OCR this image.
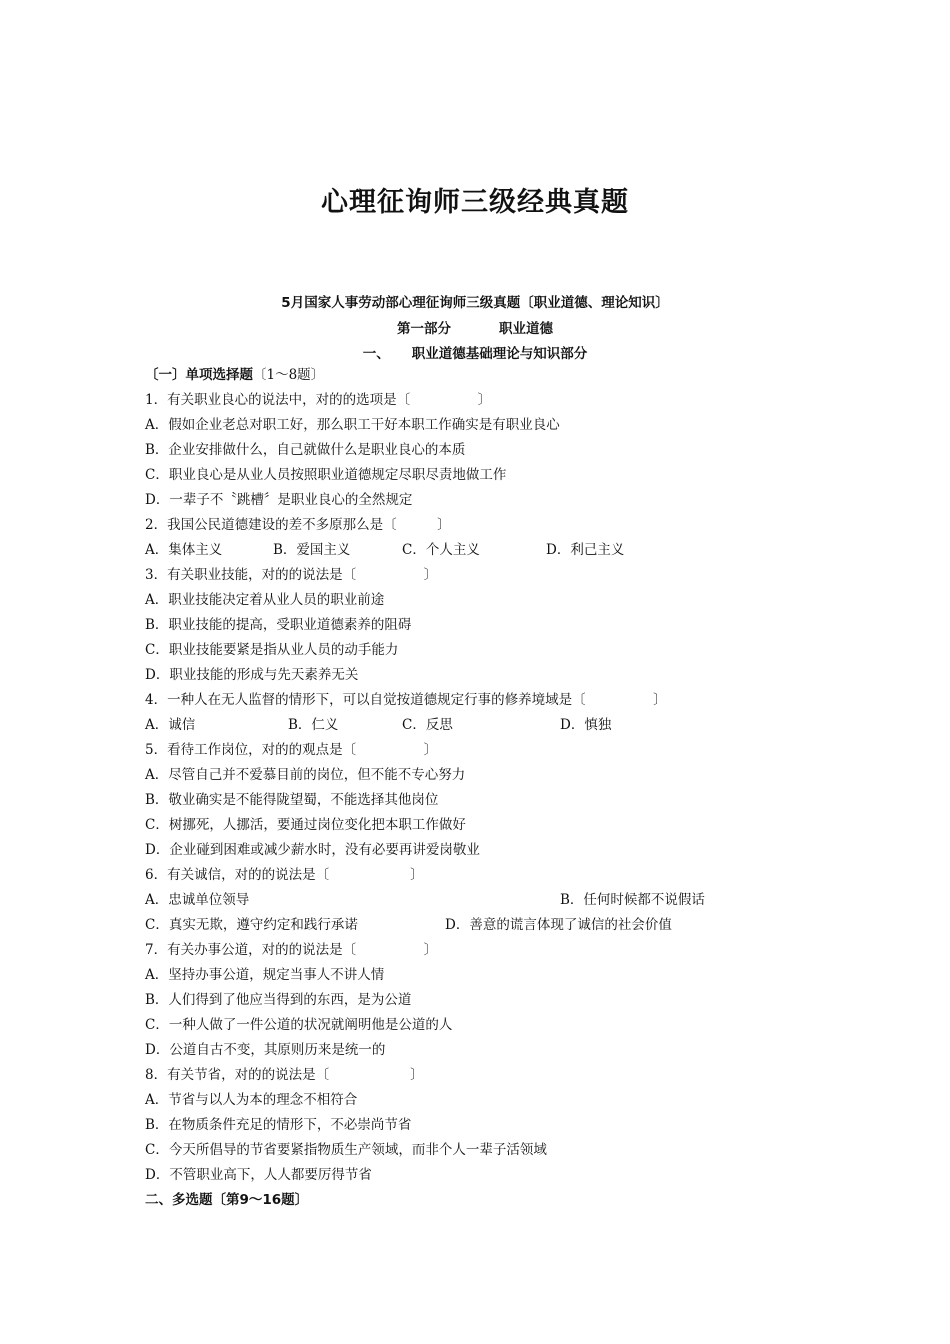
心理征询师三级经典真题
5月国家人事劳动部心理征询师三级真题〔职业道德、理论知识〕
第一部分	职业道德
一、 职业道德基础理论与知识部分
〔一〕单项选择题〔1～8题〕
1．有关职业良心的说法中，对的的选项是〔　　　　　〕
A．假如企业老总对职工好，那么职工干好本职工作确实是有职业良心
B．企业安排做什么，自己就做什么是职业良心的本质
C．职业良心是从业人员按照职业道德规定尽职尽责地做工作
D．一辈子不〝跳槽〞是职业良心的全然规定
2．我国公民道德建设的差不多原那么是〔　　　〕
A．集体主义	B．爱国主义	C．个人主义	D．利己主义
3．有关职业技能，对的的说法是〔　　　　　〕
A．职业技能决定着从业人员的职业前途
B．职业技能的提高，受职业道德素养的阻碍
C．职业技能要紧是指从业人员的动手能力
D．职业技能的形成与先天素养无关
4．一种人在无人监督的情形下，可以自觉按道德规定行事的修养境域是〔　　　　　〕
A．诚信	B．仁义	C．反思	D．慎独
5．看待工作岗位，对的的观点是〔　　　　　〕
A．尽管自己并不爱慕目前的岗位，但不能不专心努力
B．敬业确实是不能得陇望蜀，不能选择其他岗位
C．树挪死，人挪活，要通过岗位变化把本职工作做好
D．企业碰到困难或减少薪水时，没有必要再讲爱岗敬业
6．有关诚信，对的的说法是〔　　　　　　〕
A．忠诚单位领导	B．任何时候都不说假话
C．真实无欺，遵守约定和践行承诺	D．善意的谎言体现了诚信的社会价值
7．有关办事公道，对的的说法是〔　　　　　〕
A．坚持办事公道，规定当事人不讲人情
B．人们得到了他应当得到的东西，是为公道
C．一种人做了一件公道的状况就阐明他是公道的人
D．公道自古不变，其原则历来是统一的
8．有关节省，对的的说法是〔　　　　　　〕
A．节省与以人为本的理念不相符合
B．在物质条件充足的情形下，不必崇尚节省
C．今天所倡导的节省要紧指物质生产领域，而非个人一辈子活领域
D．不管职业高下，人人都要厉得节省
二、多选题〔第9～16题〕
